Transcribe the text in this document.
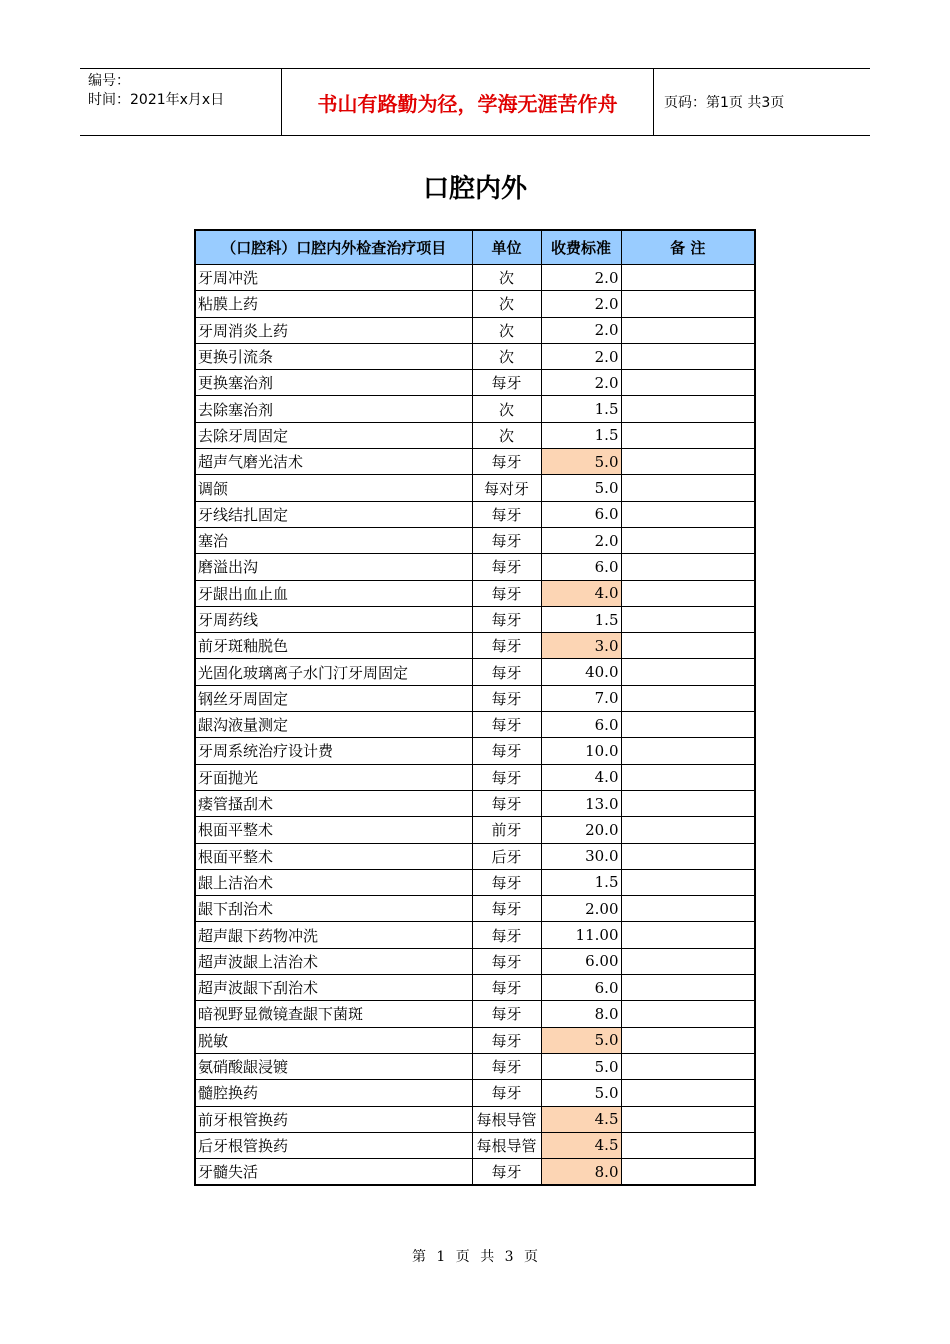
编号：
时间：2021年x月x日	书山有路勤为径，学海无涯苦作舟	页码：第1页 共3页
口腔内外
（口腔科）口腔内外检查治疗项目	单位	收费标准	备 注
牙周冲洗	次	2.0	
粘膜上药	次	2.0	
牙周消炎上药	次	2.0	
更换引流条	次	2.0	
更换塞治剂	每牙	2.0	
去除塞治剂	次	1.5	
去除牙周固定	次	1.5	
超声气磨光洁术	每牙	5.0	
调颌	每对牙	5.0	
牙线结扎固定	每牙	6.0	
塞治	每牙	2.0	
磨溢出沟	每牙	6.0	
牙龈出血止血	每牙	4.0	
牙周药线	每牙	1.5	
前牙斑釉脱色	每牙	3.0	
光固化玻璃离子水门汀牙周固定	每牙	40.0	
钢丝牙周固定	每牙	7.0	
龈沟液量测定	每牙	6.0	
牙周系统治疗设计费	每牙	10.0	
牙面抛光	每牙	4.0	
瘘管搔刮术	每牙	13.0	
根面平整术	前牙	20.0	
根面平整术	后牙	30.0	
龈上洁治术	每牙	1.5	
龈下刮治术	每牙	2.00	
超声龈下药物冲洗	每牙	11.00	
超声波龈上洁治术	每牙	6.00	
超声波龈下刮治术	每牙	6.0	
暗视野显微镜查龈下菌斑	每牙	8.0	
脱敏	每牙	5.0	
氨硝酸龈浸镀	每牙	5.0	
髓腔换药	每牙	5.0	
前牙根管换药	每根导管	4.5	
后牙根管换药	每根导管	4.5	
牙髓失活	每牙	8.0	
第 1 页 共 3 页
